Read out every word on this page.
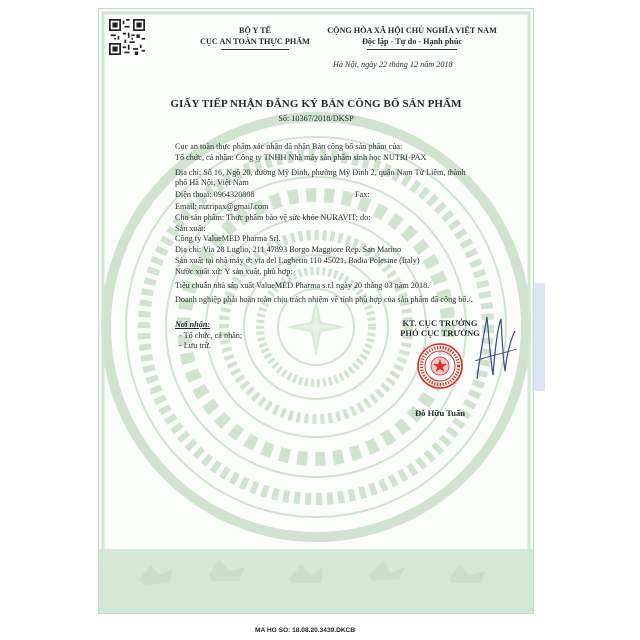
BỘ Y TẾ
CỤC AN TOÀN THỰC PHẨM
CỘNG HÒA XÃ HỘI CHỦ NGHĨA VIỆT NAM
Độc lập - Tự do - Hạnh phúc
Hà Nội, ngày 22 tháng 12 năm 2018
GIẤY TIẾP NHẬN ĐĂNG KÝ BẢN CÔNG BỐ SẢN PHẨM
Số: 10367/2018/DKSP
Cục an toàn thực phẩm xác nhận đã nhận Bản công bố sản phẩm của:
Tổ chức, cá nhân: Công ty TNHH Nhà máy sản phẩm sinh học NUTRI-PAX
Địa chỉ: Số 16, Ngõ 20, đường Mỹ Đình, phường Mỹ Đình 2, quận Nam Từ Liêm, thành
phố Hà Nội, Việt Nam
Điện thoại: 0964320808	Fax:
Email: nutripax@gmail.com
Cho sản phẩm: Thực phẩm bảo vệ sức khỏe NURAVIT; do:
Sản xuất:
Công ty ValueMED Pharma Srl.
Địa chỉ: Via 28 Luglio, 211 47893 Borgo Maggiore Rep. San Marino
Sản xuất tại nhà máy ở: via del Laghetto 110 45021, Badia Polesine (Italy)
Nước xuất xứ: Ý sản xuất, phù hợp:
Tiêu chuẩn nhà sản xuất ValueMED Pharma s.r.l ngày 20 tháng 03 năm 2018.
Doanh nghiệp phải hoàn toàn chịu trách nhiệm về tính phù hợp của sản phẩm đã công bố./.
Nơi nhận:
- Tổ chức, cá nhân;
- Lưu trữ.
KT. CỤC TRƯỞNG
PHÓ CỤC TRƯỞNG
Đỗ Hữu Tuấn
MA HO SO: 18.08.20.3439.DKCB
